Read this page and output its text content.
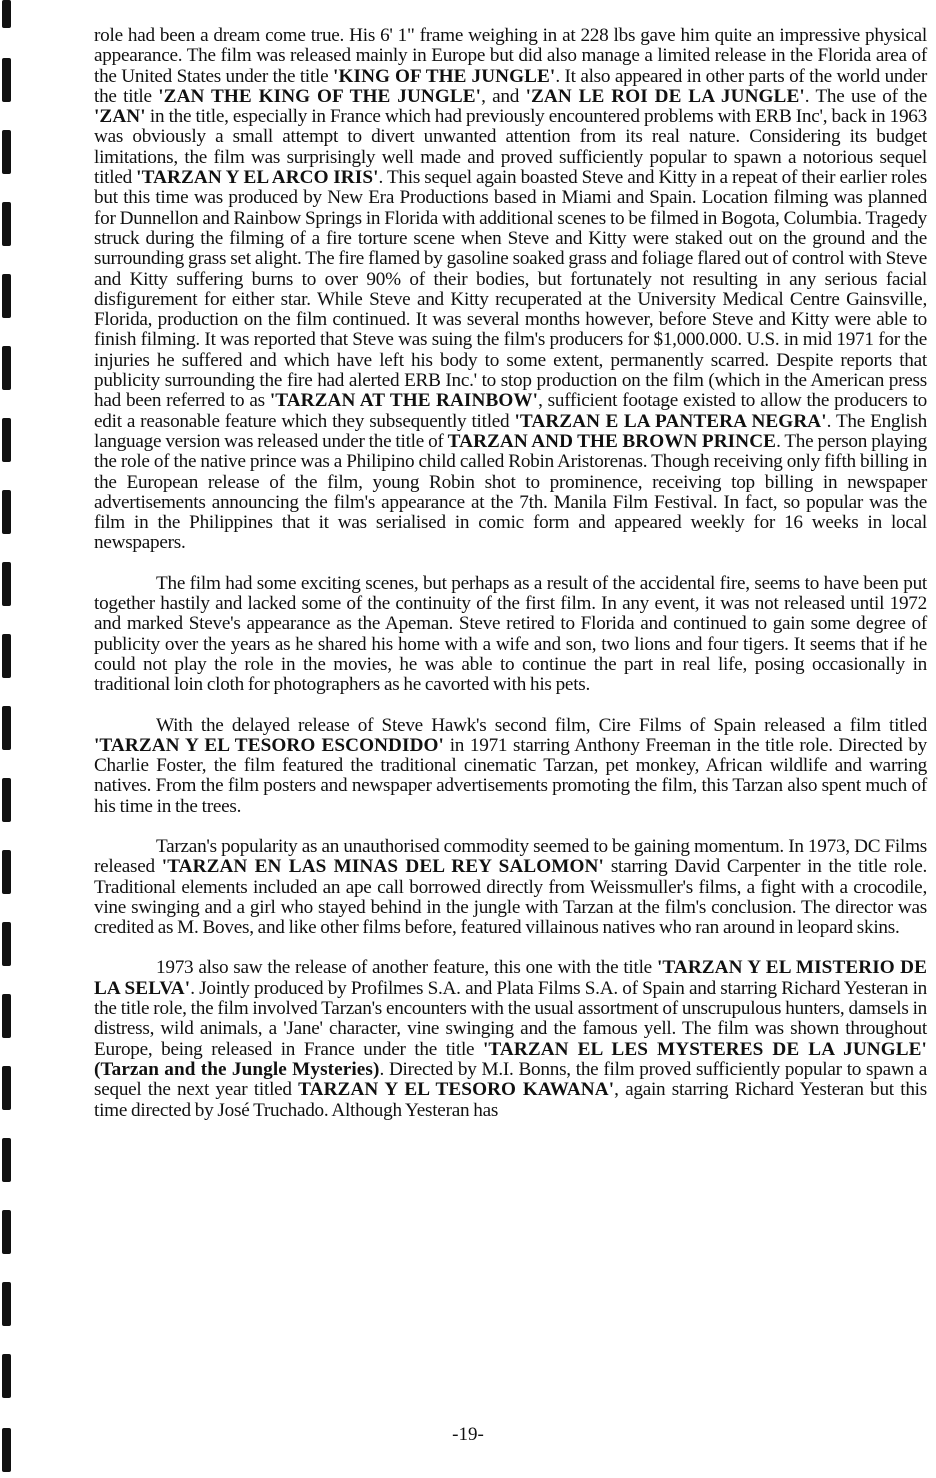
role had been a dream come true. His 6' 1" frame weighing in at 228 lbs gave him quite an impressive physical appearance. The film was released mainly in Europe but did also manage a limited release in the Florida area of the United States under the title 'KING OF THE JUNGLE'. It also appeared in other parts of the world under the title 'ZAN THE KING OF THE JUNGLE', and 'ZAN LE ROI DE LA JUNGLE'. The use of the 'ZAN' in the title, especially in France which had previously encountered problems with ERB Inc', back in 1963 was obviously a small attempt to divert unwanted attention from its real nature. Considering its budget limitations, the film was surprisingly well made and proved sufficiently popular to spawn a notorious sequel titled 'TARZAN Y EL ARCO IRIS'. This sequel again boasted Steve and Kitty in a repeat of their earlier roles but this time was produced by New Era Productions based in Miami and Spain. Location filming was planned for Dunnellon and Rainbow Springs in Florida with additional scenes to be filmed in Bogota, Columbia. Tragedy struck during the filming of a fire torture scene when Steve and Kitty were staked out on the ground and the surrounding grass set alight. The fire flamed by gasoline soaked grass and foliage flared out of control with Steve and Kitty suffering burns to over 90% of their bodies, but fortunately not resulting in any serious facial disfigurement for either star. While Steve and Kitty recuperated at the University Medical Centre Gainsville, Florida, production on the film continued. It was several months however, before Steve and Kitty were able to finish filming. It was reported that Steve was suing the film's producers for $1,000.000. U.S. in mid 1971 for the injuries he suffered and which have left his body to some extent, permanently scarred. Despite reports that publicity surrounding the fire had alerted ERB Inc.' to stop production on the film (which in the American press had been referred to as 'TARZAN AT THE RAINBOW', sufficient footage existed to allow the producers to edit a reasonable feature which they subsequently titled 'TARZAN E LA PANTERA NEGRA'. The English language version was released under the title of TARZAN AND THE BROWN PRINCE. The person playing the role of the native prince was a Philipino child called Robin Aristorenas. Though receiving only fifth billing in the European release of the film, young Robin shot to prominence, receiving top billing in newspaper advertisements announcing the film's appearance at the 7th. Manila Film Festival. In fact, so popular was the film in the Philippines that it was serialised in comic form and appeared weekly for 16 weeks in local newspapers.

The film had some exciting scenes, but perhaps as a result of the accidental fire, seems to have been put together hastily and lacked some of the continuity of the first film. In any event, it was not released until 1972 and marked Steve's appearance as the Apeman. Steve retired to Florida and continued to gain some degree of publicity over the years as he shared his home with a wife and son, two lions and four tigers. It seems that if he could not play the role in the movies, he was able to continue the part in real life, posing occasionally in traditional loin cloth for photographers as he cavorted with his pets.

With the delayed release of Steve Hawk's second film, Cire Films of Spain released a film titled 'TARZAN Y EL TESORO ESCONDIDO' in 1971 starring Anthony Freeman in the title role. Directed by Charlie Foster, the film featured the traditional cinematic Tarzan, pet monkey, African wildlife and warring natives. From the film posters and newspaper advertisements promoting the film, this Tarzan also spent much of his time in the trees.

Tarzan's popularity as an unauthorised commodity seemed to be gaining momentum. In 1973, DC Films released 'TARZAN EN LAS MINAS DEL REY SALOMON' starring David Carpenter in the title role. Traditional elements included an ape call borrowed directly from Weissmuller's films, a fight with a crocodile, vine swinging and a girl who stayed behind in the jungle with Tarzan at the film's conclusion. The director was credited as M. Boves, and like other films before, featured villainous natives who ran around in leopard skins.

1973 also saw the release of another feature, this one with the title 'TARZAN Y EL MISTERIO DE LA SELVA'. Jointly produced by Profilmes S.A. and Plata Films S.A. of Spain and starring Richard Yesteran in the title role, the film involved Tarzan's encounters with the usual assortment of unscrupulous hunters, damsels in distress, wild animals, a 'Jane' character, vine swinging and the famous yell. The film was shown throughout Europe, being released in France under the title 'TARZAN EL LES MYSTERES DE LA JUNGLE' (Tarzan and the Jungle Mysteries). Directed by M.I. Bonns, the film proved sufficiently popular to spawn a sequel the next year titled TARZAN Y EL TESORO KAWANA', again starring Richard Yesteran but this time directed by José Truchado. Although Yesteran has

-19-
